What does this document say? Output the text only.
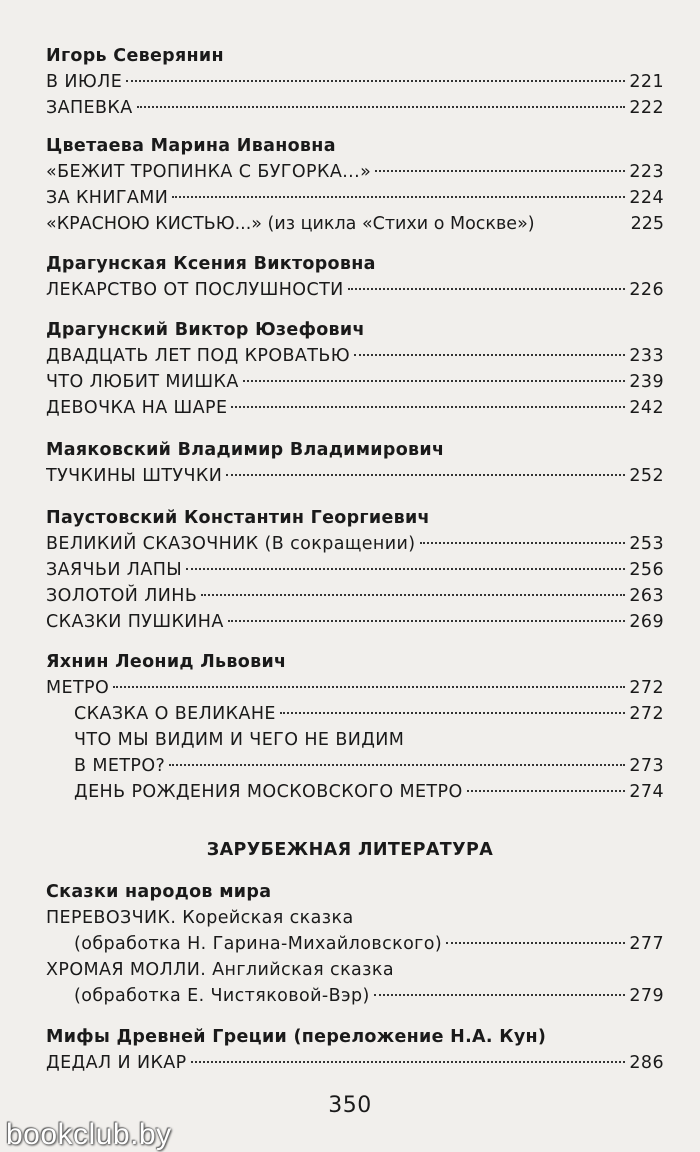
Игорь Северянин
В ИЮЛЕ	221
ЗАПЕВКА	222
Цветаева Марина Ивановна
«БЕЖИТ ТРОПИНКА С БУГОРКА...»	223
ЗА КНИГАМИ	224
«КРАСНОЮ КИСТЬЮ...» (из цикла «Стихи о Москве»)	225
Драгунская Ксения Викторовна
ЛЕКАРСТВО ОТ ПОСЛУШНОСТИ	226
Драгунский Виктор Юзефович
ДВАДЦАТЬ ЛЕТ ПОД КРОВАТЬЮ	233
ЧТО ЛЮБИТ МИШКА	239
ДЕВОЧКА НА ШАРЕ	242
Маяковский Владимир Владимирович
ТУЧКИНЫ ШТУЧКИ	252
Паустовский Константин Георгиевич
ВЕЛИКИЙ СКАЗОЧНИК (В сокращении)	253
ЗАЯЧЬИ ЛАПЫ	256
ЗОЛОТОЙ ЛИНЬ	263
СКАЗКИ ПУШКИНА	269
Яхнин Леонид Львович
МЕТРО	272
СКАЗКА О ВЕЛИКАНЕ	272
ЧТО МЫ ВИДИМ И ЧЕГО НЕ ВИДИМ
В МЕТРО?	273
ДЕНЬ РОЖДЕНИЯ МОСКОВСКОГО МЕТРО	274
ЗАРУБЕЖНАЯ ЛИТЕРАТУРА
Сказки народов мира
ПЕРЕВОЗЧИК. Корейская сказка
(обработка Н. Гарина-Михайловского)	277
ХРОМАЯ МОЛЛИ. Английская сказка
(обработка Е. Чистяковой-Вэр)	279
Мифы Древней Греции (переложение Н.А. Кун)
ДЕДАЛ И ИКАР	286
350
bookclub.by
